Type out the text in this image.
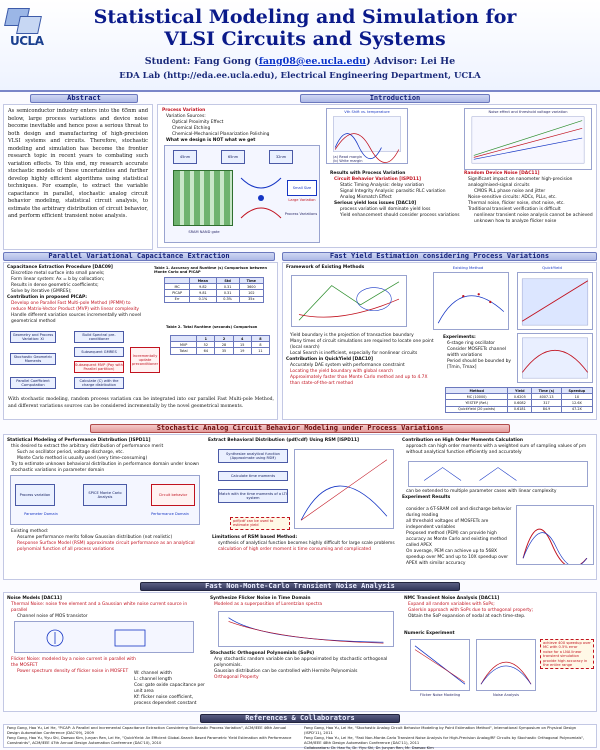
UCLA
Statistical Modeling and Simulation for VLSI Circuits and Systems
Student: Fang Gong (fang08@ee.ucla.edu) Advisor: Lei He
EDA Lab (http://eda.ee.ucla.edu), Electrical Engineering Department, UCLA
Abstract
As semiconductor industry enters into the 65nm and below, large process variations and device noise become inevitable and hence pose a serious threat to both design and manufacturing of high-precision VLSI systems and circuits. Therefore, stochastic modeling and simulation has become the frontier research topic in recent years to combating such variation effects. To this end, my research accurate stochastic models of these uncertainties and further develop highly efficient algorithms using statistical techniques. For example, to extract the variable capacitance in parallel, stochastic analog circuit behavior modeling, statistical circuit analysis, to estimate the arbitrary distribution of circuit behavior, and perform efficient transient noise analysis.
Introduction
Process Variation
Variation Sources:
Optical Proximity Effect
Chemical Etching
Chemical-Mechanical Planarization Polishing
What we design is NOT what we get
45nm	65nm	32nm
Small Size
Large Variation
Process Variations
SRAM NAND gate
Vth Shift vs. temperature
(a) Read margin
(b) Write margin
Noise effect and threshold voltage variation
Results with Process Variation
Circuit Behavior Variation [ISPD11]
Static Timing Analysis: delay variation
Signal Integrity Analysis: parasitic RLC variation
Analog Mismatch Effect
Serious yield loss issues [DAC10]
process variation will dominate yield loss
Yield enhancement should consider process variations
Random Device Noise [DAC11]
Significant impact on nanometer high-precision analog/mixed-signal circuits
CMOS PLL phase noise and jitter
Noise-sensitive circuits: ADCs, PLLs, etc.
Thermal noise, flicker noise, shot noise, etc.
Traditional transient verification is difficult
nonlinear transient noise analysis cannot be achieved
unknown how to analyze flicker noise
Parallel Variational Capacitance Extraction
Capacitance Extraction Procedure [DAC09]
Discretize metal surface into small panels;
Form linear system: Ax = b by collocation;
Results in dense geometric coefficients;
Solve by iterative (GMRES);
Contribution in proposed PICAP:
Develop one Parallel Fast Multi-pole Method (PFMM) to reduce Matrix-Vector Product (MVP) with linear complexity
Handle different variation sources incrementally with novel geometrical method
Table 1. Accuracy and Runtime (s) Comparison between Monte Carlo and PICAP
	Mean	Std	Time
MC	9.82	0.31	3600
PICAP	9.81	0.31	102
Err	0.1%	0.3%	35x
Geometry and Process Variation: Xi
Stochastic Geometric Moments
Parallel Coefficient Computation
Build Spectral pre-conditioner
Subsequent GMRES
Subsequent MVP (Pay with Parallel partition)
Calculate (C) with the charge distribution
Incrementally update preconditioner
Table 2. Total Runtime (seconds) Comparison
	1	2	4	8
MVP	52	28	15	8
Total	64	35	19	11
With stochastic modeling, random process variation can be integrated into our parallel Fast Multi-pole Method, and different variations sources can be considered incrementally by the novel geometrical moments.
Fast Yield Estimation considering Process Variations
Framework of Existing Methods	Existing Method	QuickYield
Yield boundary is the projection of transaction boundary
Many times of circuit simulations are required to locate one point (local search)
Local Search is inefficient, especially for nonlinear circuits
Contribution in QuickYield [DAC10]
Accurately DAE system with performance constraint
Locating the yield boundary with global search
Approximately faster than Monte Carlo method and up to 4.7X than state-of-the-art method
Experiments:
6-stage ring oscillator
Consider MOSFETs channel width variations
Period should be bounded by [Tmin, Tmax]
Method	Yield	Time (s)	Speedup
MC (10000)	0.6205	4007.13	1X
YESTEP (Ref.)	0.6082	317	12.6X
QuickYield (20 points)	0.6181	84.9	47.2X
Stochastic Analog Circuit Behavior Modeling under Process Variations
Statistical Modeling of Performance Distribution [ISPD11]
this desired to extract the arbitrary distribution of performance merit
Such as oscillator period, voltage discharge, etc.
Monte Carlo method is usually used (very time-consuming)
Try to estimate unknown behavioral distribution in performance domain under known stochastic variations in parameter domain
Process variation
SPICE Monte Carlo Analysis
Circuit behavior
Parameter Domain	Performance Domain
Existing method:
Assume performance merits follow Gaussian distribution (not realistic)
Response Surface Model (RSM) approximate circuit performance as an analytical polynomial function of all process variations
Extract Behavioral Distribution (pdf/cdf) Using RSM [ISPD11]
Synthesize analytical function (Approximate using RSM)
Calculate time moments
Match with the time moments of a LTI system
pdf/cdf can be used to estimate yield
Limitations of RSM based Method:
synthesis of analytical function becomes highly difficult for large scale problems
calculation of high order moment is time consuming and complicated
Contribution on High Order Moments Calculation
approach can high order moments with a weighted sum of sampling values of pm without analytical function efficiently and accurately
can be extended to multiple parameter cases with linear complexity
Experiment Results
consider a 6T-SRAM cell and discharge behavior during reading
all threshold voltages of MOSFETs are independent variables
Proposed method (PEM) can provide high accuracy as Monte Carlo and existing method called APEX
On average, PEM can achieve up to 568X speedup over MC and up to 10X speedup over APEX with similar accuracy
Fast Non-Monte-Carlo Transient Noise Analysis
Noise Models [DAC11]
Thermal Noise: noise free element and a Gaussian white noise current source in parallel
Channel noise of MOS transistor
Flicker Noise: modeled by a noise current in parallel with the MOSFET
Power spectrum density of flicker noise in MOSFET	W: channel width
L: channel length
Cox: gate oxide capacitance per unit area
Kf: flicker noise coefficient, process dependent constant
Synthesize Flicker Noise in Time Domain
Modeled as a superposition of Lorentzian spectra
Stochastic Orthogonal Polynomials (SoPs)
Any stochastic random variable can be approximated by stochastic orthogonal polynomials.
Gaussian distribution can be controlled with Hermite Polynomials
Orthogonal Property
NMC Transient Noise Analysis [DAC11]
Expand all random variables with SoPs;
Galerkin approach with SoPs due to orthogonal property;
Obtain the SoP expansion of nodal at each time-step.
Numeric Experiment
Flicker Noise Modeling	Noise Analysis
achieve 40X speedup over MC with 0.5% error
noise for a LNA linear transient simulation
provide high accuracy in the entire range
References & Collaborators
Fang Gong, Hao Yu, Lei He, "PiCAP: A Parallel and Incremental Capacitance Extraction Considering Stochastic Process Variation", ACM/IEEE 46th Annual Design Automation Conference (DAC'09), 2009
Fang Gong, Hao Yu, Yiyu Shi, Daesoo Kim, Junyan Ren, Lei He, "QuickYield: An Efficient Global-Search Based Parametric Yield Estimation with Performance Constraints", ACM/IEEE 47th Annual Design Automation Conference (DAC'10), 2010
Fang Gong, Hao Yu, Lei He, "Stochastic Analog Circuit Behavior Modeling by Point Estimation Method", International Symposium on Physical Design (ISPD'11), 2011
Fang Gong, Hao Yu, Lei He, "Fast Non-Monte-Carlo Transient Noise Analysis for High-Precision Analog/RF Circuits by Stochastic Orthogonal Polynomials", ACM/IEEE 48th Design Automation Conference (DAC'11), 2011
Collaborators: Dr. Hao Yu, Dr. Yiyu Shi, Dr. Junyan Ren, Mr. Daesoo Kim
